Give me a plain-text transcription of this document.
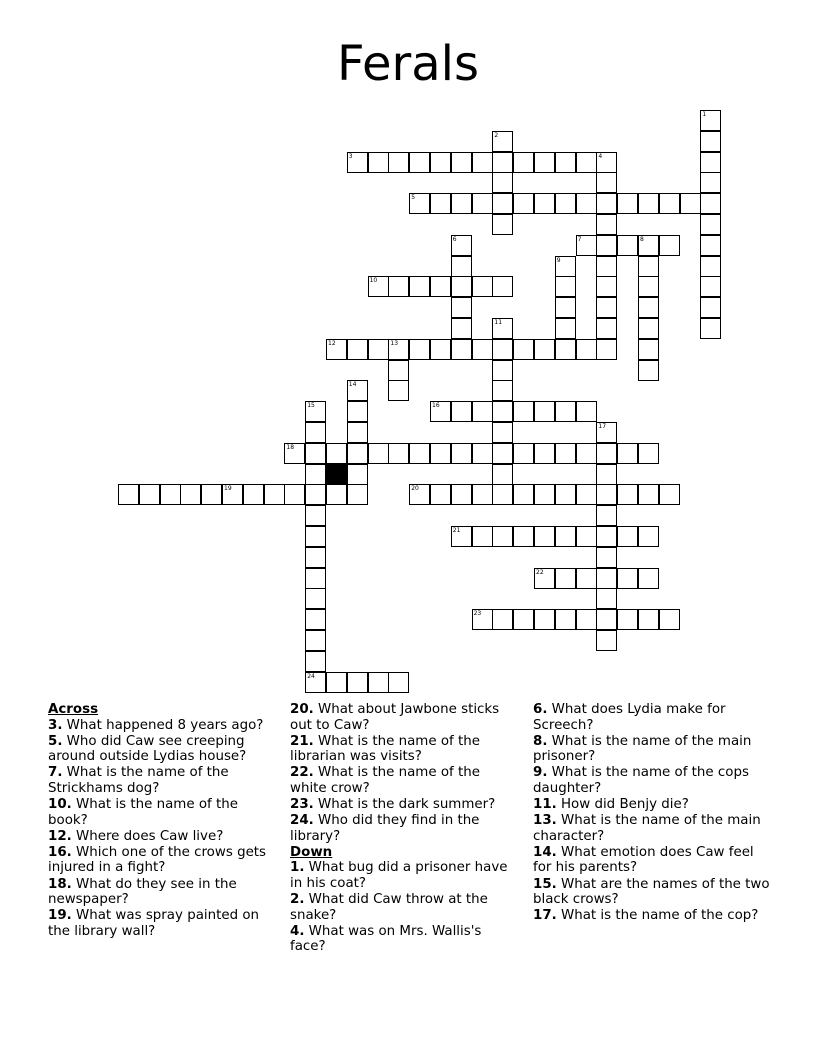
Ferals
3
5
7	8
10
12	13
16
18
19	20
21
22
23
24
1
2
4
6
9
11
14
15
17
Across
3. What happened 8 years ago?
5. Who did Caw see creeping around outside Lydias house?
7. What is the name of the Strickhams dog?
10. What is the name of the book?
12. Where does Caw live?
16. Which one of the crows gets injured in a fight?
18. What do they see in the newspaper?
19. What was spray painted on the library wall?
20. What about Jawbone sticks out to Caw?
21. What is the name of the librarian was visits?
22. What is the name of the white crow?
23. What is the dark summer?
24. Who did they find in the library?
Down
1. What bug did a prisoner have in his coat?
2. What did Caw throw at the snake?
4. What was on Mrs. Wallis's face?
6. What does Lydia make for Screech?
8. What is the name of the main prisoner?
9. What is the name of the cops daughter?
11. How did Benjy die?
13. What is the name of the main character?
14. What emotion does Caw feel for his parents?
15. What are the names of the two black crows?
17. What is the name of the cop?
